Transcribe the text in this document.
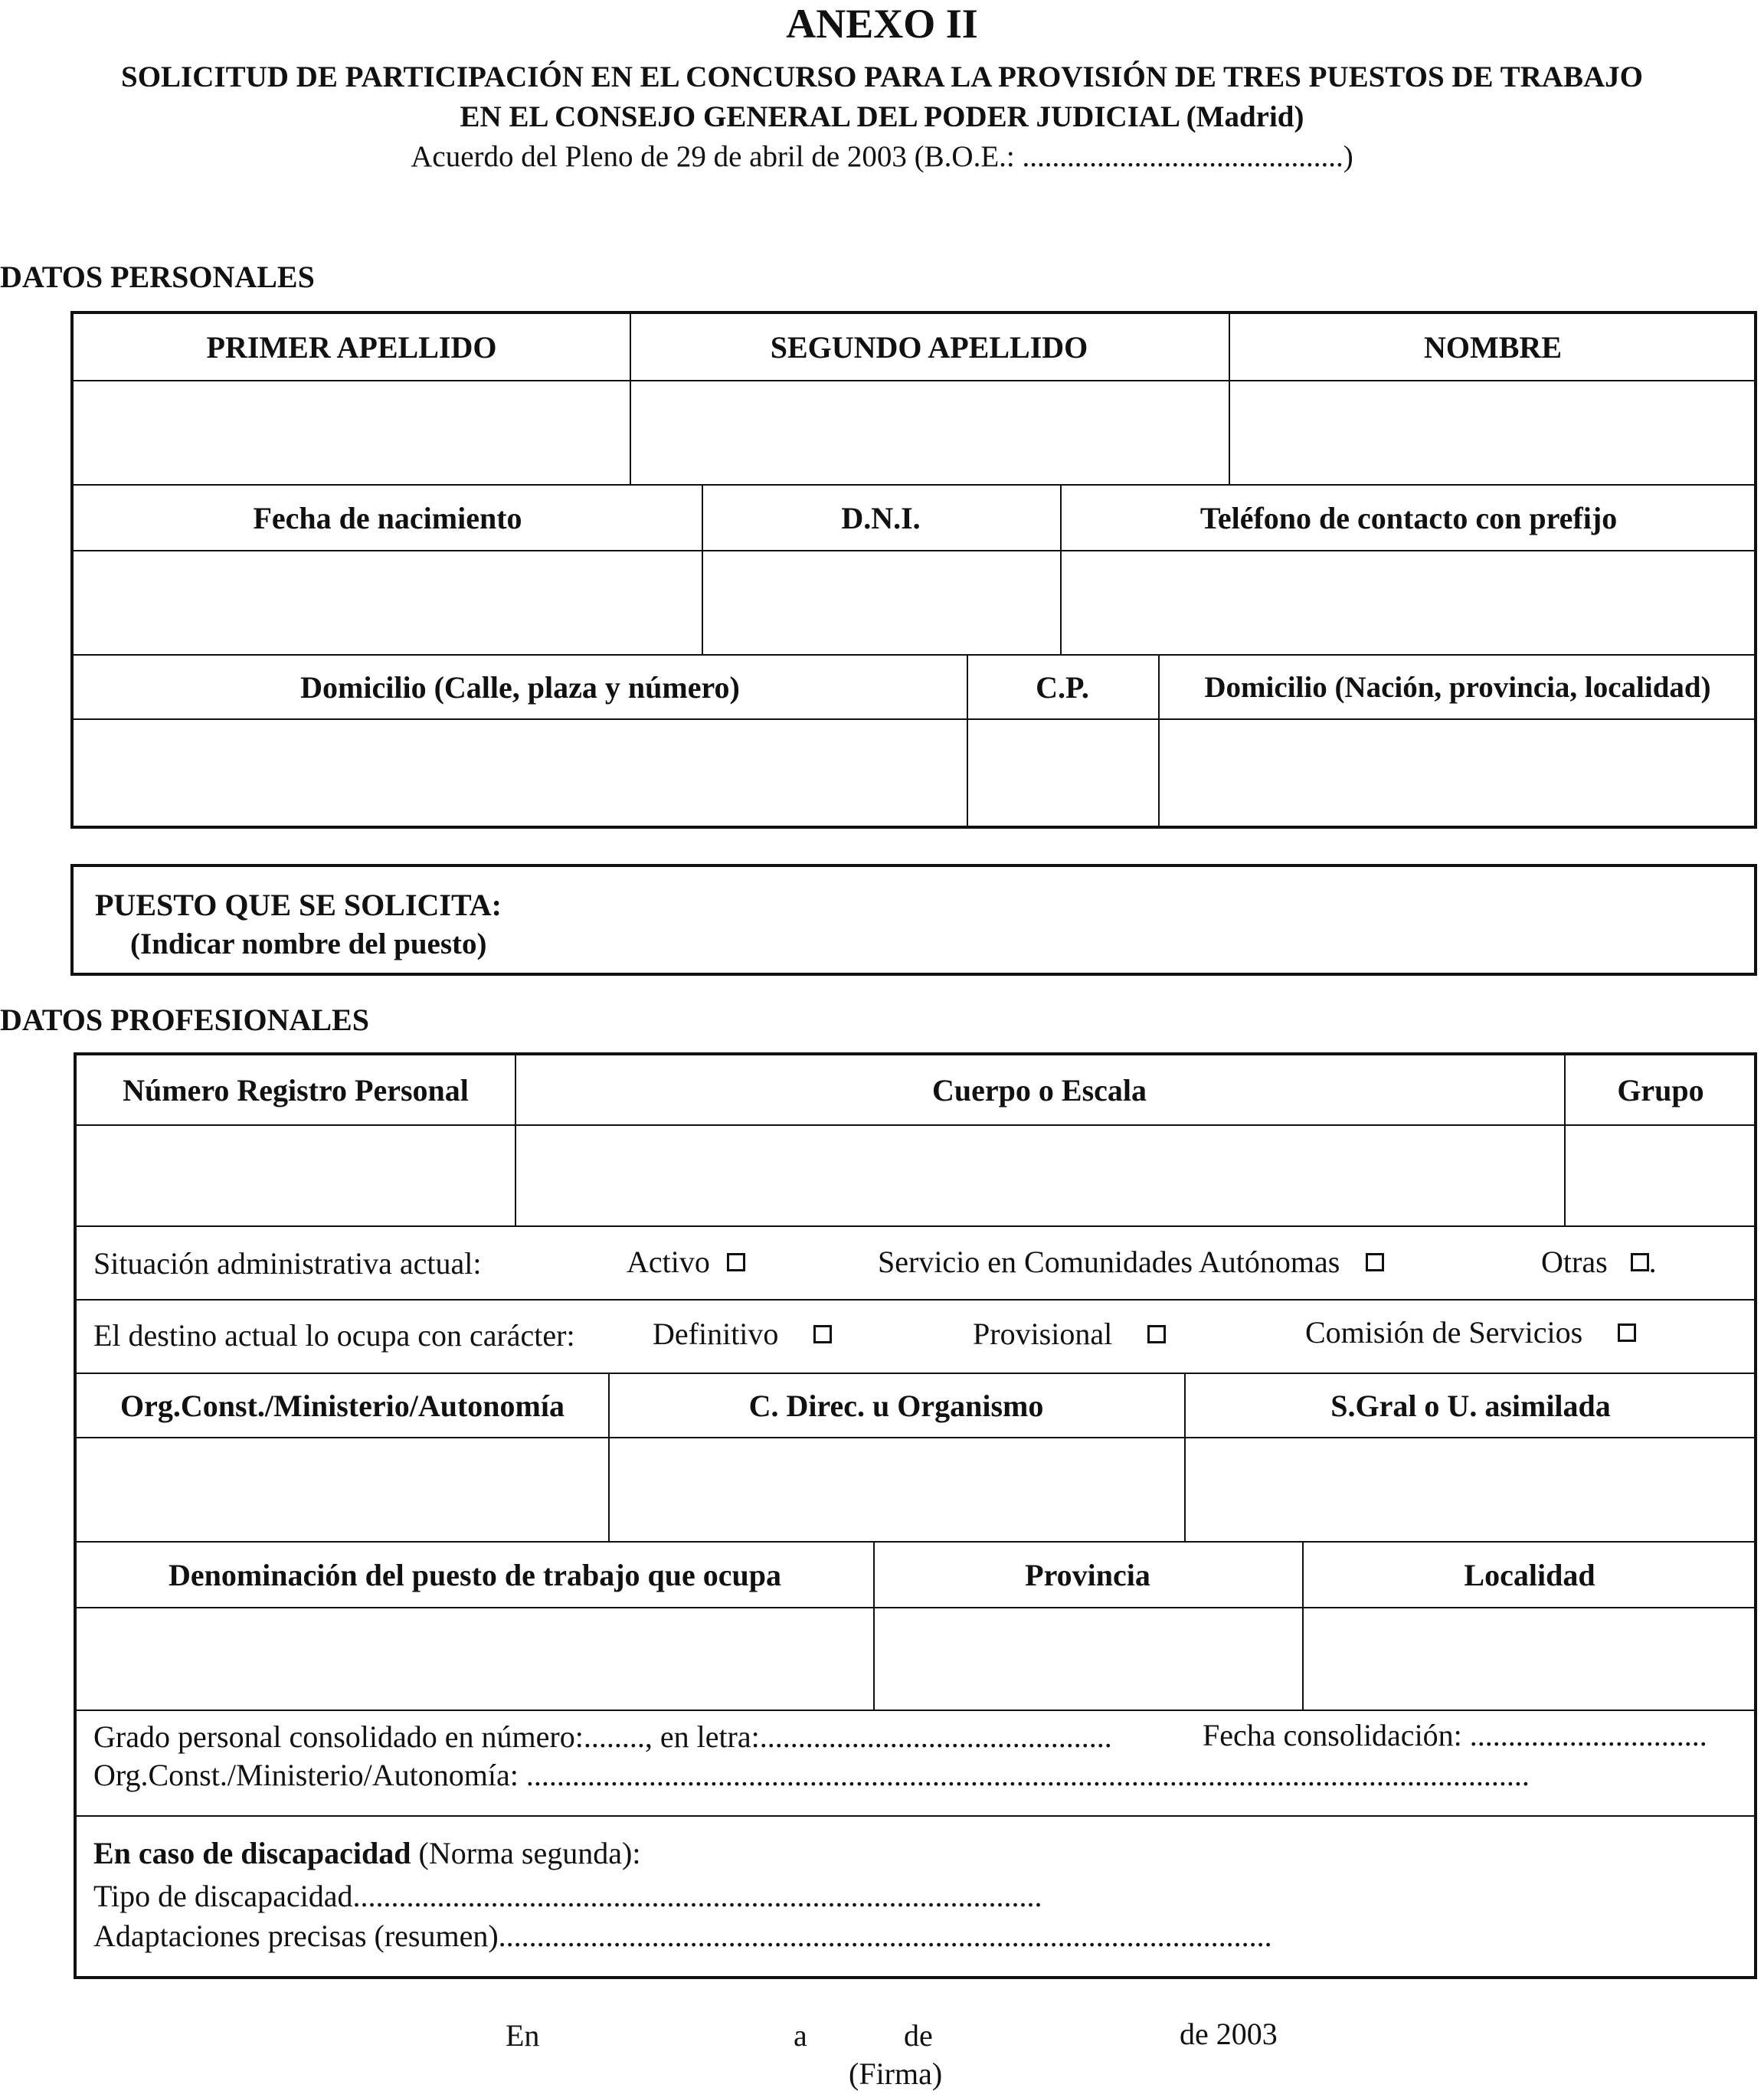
ANEXO II
SOLICITUD DE PARTICIPACIÓN EN EL CONCURSO PARA LA PROVISIÓN DE TRES PUESTOS DE TRABAJO
EN EL CONSEJO GENERAL DEL PODER JUDICIAL (Madrid)
Acuerdo del Pleno de 29 de abril de 2003 (B.O.E.: ...........................................)
DATOS PERSONALES
PRIMER APELLIDO	SEGUNDO APELLIDO	NOMBRE
Fecha de nacimiento	D.N.I.	Teléfono de contacto con prefijo
Domicilio (Calle, plaza y número)	C.P.	Domicilio (Nación, provincia, localidad)
PUESTO QUE SE SOLICITA:
(Indicar nombre del puesto)
DATOS PROFESIONALES
Número Registro Personal	Cuerpo o Escala	Grupo
Situación administrativa actual:	Activo	Servicio en Comunidades Autónomas	Otras .
El destino actual lo ocupa con carácter:	Definitivo	Provisional	Comisión de Servicios
Org.Const./Ministerio/Autonomía	C. Direc. u Organismo	S.Gral o U. asimilada
Denominación del puesto de trabajo que ocupa	Provincia	Localidad
Grado personal consolidado en número:........, en letra:..............................................	Fecha consolidación: ...............................
Org.Const./Ministerio/Autonomía: ...................................................................................................................................
En caso de discapacidad (Norma segunda):
Tipo de discapacidad..........................................................................................
Adaptaciones precisas (resumen).....................................................................................................
En	a	de	de 2003
(Firma)
